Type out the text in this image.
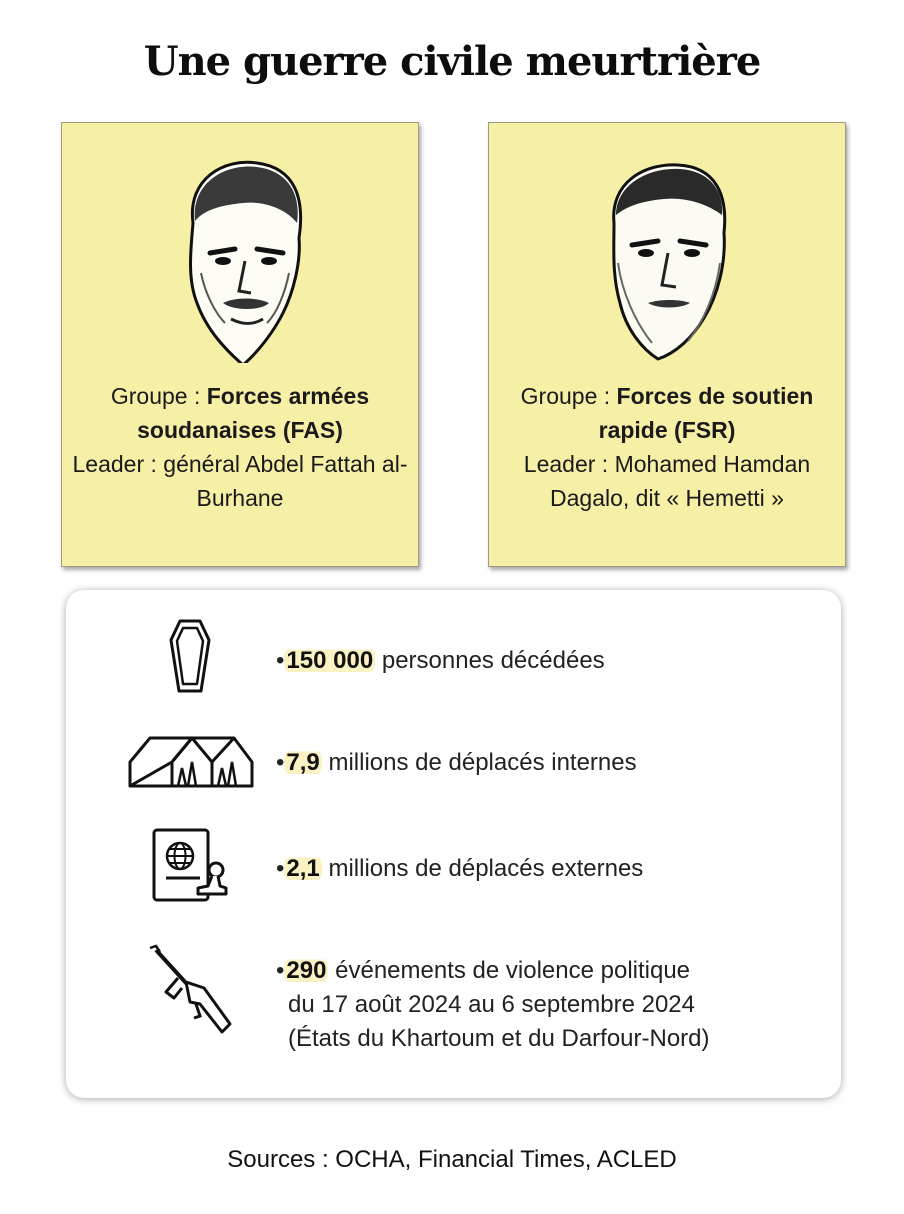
Une guerre civile meurtrière
Groupe : Forces armées soudanaises (FAS)
Leader : général Abdel Fattah al-Burhane
Groupe : Forces de soutien rapide (FSR)
Leader : Mohamed Hamdan Dagalo, dit « Hemetti »
•150 000 personnes décédées
•7,9 millions de déplacés internes
•2,1 millions de déplacés externes
•290 événements de violence politique
du 17 août 2024 au 6 septembre 2024
(États du Khartoum et du Darfour-Nord)
Sources : OCHA, Financial Times, ACLED
